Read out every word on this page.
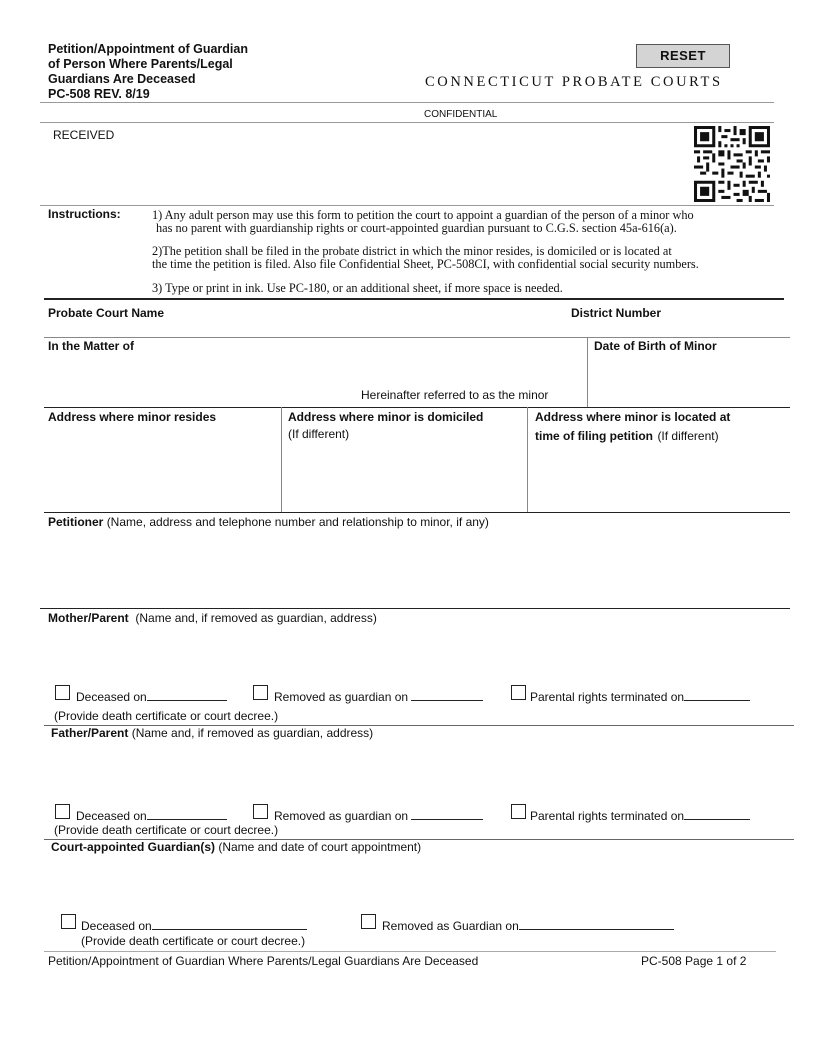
Petition/Appointment of Guardian
of Person Where Parents/Legal
Guardians Are Deceased
PC-508 REV. 8/19
RESET
CONNECTICUT PROBATE COURTS
CONFIDENTIAL
RECEIVED
Instructions:	1) Any adult person may use this form to petition the court to appoint a guardian of the person of a minor who
has no parent with guardianship rights or court-appointed guardian pursuant to C.G.S. section 45a-616(a).
2)The petition shall be filed in the probate district in which the minor resides, is domiciled or is located at
the time the petition is filed. Also file Confidential Sheet, PC-508CI, with confidential social security numbers.
3) Type or print in ink. Use PC-180, or an additional sheet, if more space is needed.
Probate Court Name	District Number
In the Matter of	Date of Birth of Minor
Hereinafter referred to as the minor
Address where minor resides	Address where minor is domiciled
(If different)
Address where minor is located at
time of filing petition (If different)
Petitioner (Name, address and telephone number and relationship to minor, if any)
Mother/Parent (Name and, if removed as guardian, address)
Deceased on	Removed as guardian on	Parental rights terminated on
(Provide death certificate or court decree.)
Father/Parent (Name and, if removed as guardian, address)
Deceased on	Removed as guardian on	Parental rights terminated on
(Provide death certificate or court decree.)
Court-appointed Guardian(s) (Name and date of court appointment)
Deceased on	Removed as Guardian on
(Provide death certificate or court decree.)
Petition/Appointment of Guardian Where Parents/Legal Guardians Are Deceased	PC-508 Page 1 of 2
